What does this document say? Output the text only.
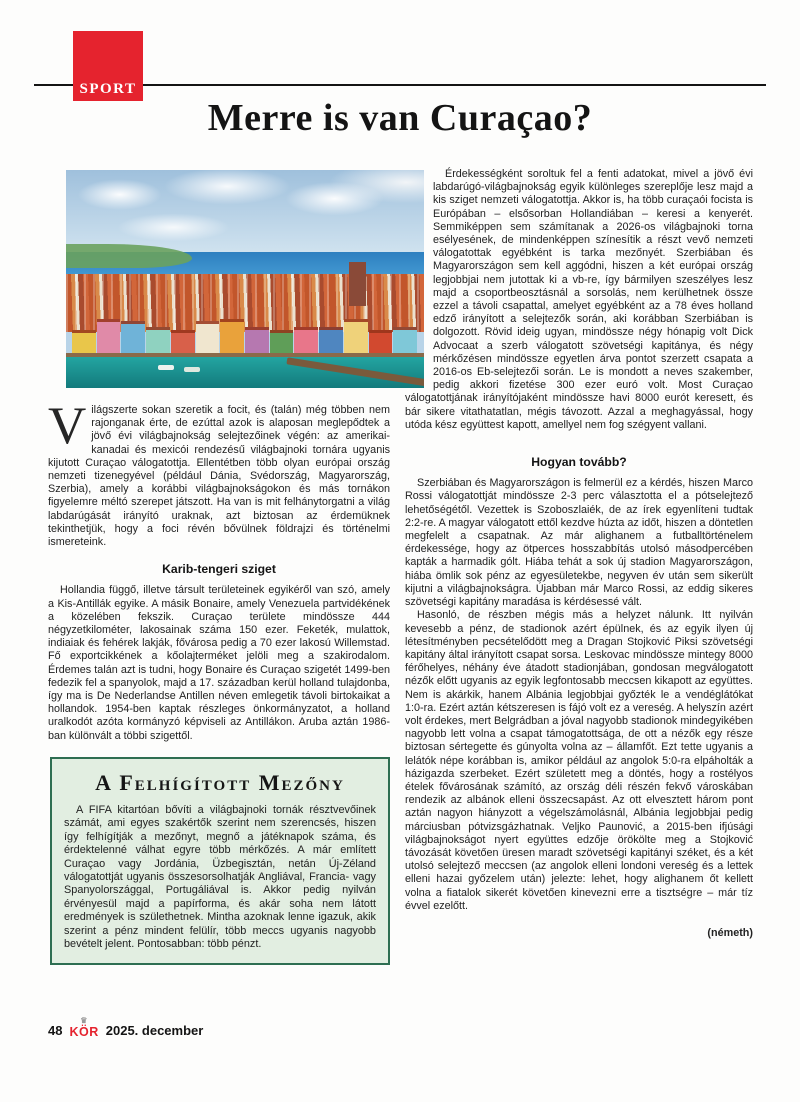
SPORT
Merre is van Curaçao?

Világszerte sokan szeretik a focit, és (talán) még többen nem rajonganak érte, de ezúttal azok is alaposan meglepődtek a jövő évi világbajnokság selejtezőinek végén: az amerikai-kanadai és mexicói rendezésű világbajnoki tornára ugyanis kijutott Curaçao válogatottja. Ellentétben több olyan európai ország nemzeti tizenegyével (például Dánia, Svédország, Magyarország, Szerbia), amely a korábbi világbajnokságokon és más tornákon figyelemre méltó szerepet játszott. Ha van is mit felhánytorgatni a világ labdarúgását irányító uraknak, azt biztosan az érdemüknek tekinthetjük, hogy a foci révén bővülnek földrajzi és történelmi ismereteink.

Karib-tengeri sziget

Hollandia függő, illetve társult területeinek egyikéről van szó, amely a Kis-Antillák egyike. A másik Bonaire, amely Venezuela partvidékének a közelében fekszik. Curaçao területe mindössze 444 négyzetkilométer, lakosainak száma 150 ezer. Feketék, mulattok, indiaiak és fehérek lakják, fővárosa pedig a 70 ezer lakosú Willemstad. Fő exportcikkének a kőolajterméket jelöli meg a szakirodalom. Érdemes talán azt is tudni, hogy Bonaire és Curaçao szigetét 1499-ben fedezik fel a spanyolok, majd a 17. században kerül holland tulajdonba, így ma is De Nederlandse Antillen néven emlegetik távoli birtokaikat a hollandok. 1954-ben kaptak részleges önkormányzatot, a holland uralkodót azóta kormányzó képviseli az Antillákon. Aruba aztán 1986-ban különvált a többi szigettől.

A Felhígított Mezőny

A FIFA kitartóan bővíti a világbajnoki tornák résztvevőinek számát, ami egyes szakértők szerint nem szerencsés, hiszen így felhígítják a mezőnyt, megnő a játéknapok száma, és érdektelenné válhat egyre több mérkőzés. A már említett Curaçao vagy Jordánia, Üzbegisztán, netán Új-Zéland válogatottját ugyanis összesorsolhatják Angliával, Francia- vagy Spanyolországgal, Portugáliával is. Akkor pedig nyilván érvényesül majd a papírforma, és akár soha nem látott eredmények is születhetnek. Mintha azoknak lenne igazuk, akik szerint a pénz mindent felülír, több meccs ugyanis nagyobb bevételt jelent. Pontosabban: több pénzt.

Érdekességként soroltuk fel a fenti adatokat, mivel a jövő évi labdarúgó-világbajnokság egyik különleges szereplője lesz majd a kis sziget nemzeti válogatottja. Akkor is, ha több curaçaói focista is Európában – elsősorban Hollandiában – keresi a kenyerét. Semmiképpen sem számítanak a 2026-os világbajnoki torna esélyesének, de mindenképpen színesítik a részt vevő nemzeti válogatottak egyébként is tarka mezőnyét. Szerbiában és Magyarországon sem kell aggódni, hiszen a két európai ország legjobbjai nem jutottak ki a vb-re, így bármilyen szeszélyes lesz majd a csoportbeosztásnál a sorsolás, nem kerülhetnek össze ezzel a távoli csapattal, amelyet egyébként az a 78 éves holland edző irányított a selejtezők során, aki korábban Szerbiában is dolgozott. Rövid ideig ugyan, mindössze négy hónapig volt Dick Advocaat a szerb válogatott szövetségi kapitánya, és négy mérkőzésen mindössze egyetlen árva pontot szerzett csapata a 2016-os Eb-selejtezői során. Le is mondott a neves szakember, pedig akkori fizetése 300 ezer euró volt. Most Curaçao válogatottjának irányítójaként mindössze havi 8000 eurót keresett, és bár sikere vitathatatlan, mégis távozott. Azzal a meghagyással, hogy utóda kész együttest kapott, amellyel nem fog szégyent vallani.

Hogyan tovább?

Szerbiában és Magyarországon is felmerül ez a kérdés, hiszen Marco Rossi válogatottját mindössze 2-3 perc választotta el a pótselejtező lehetőségétől. Vezettek is Szoboszlaiék, de az írek egyenlíteni tudtak 2:2-re. A magyar válogatott ettől kezdve húzta az időt, hiszen a döntetlen megfelelt a csapatnak. Az már alighanem a futballtörténelem érdekessége, hogy az ötperces hosszabbítás utolsó másodpercében kapták a harmadik gólt. Hiába tehát a sok új stadion Magyarországon, hiába ömlik sok pénz az egyesületekbe, negyven év után sem sikerült kijutni a világbajnokságra. Újabban már Marco Rossi, az eddig sikeres szövetségi kapitány maradása is kérdésessé vált.

Hasonló, de részben mégis más a helyzet nálunk. Itt nyilván kevesebb a pénz, de stadionok azért épülnek, és az egyik ilyen új létesítményben pecsételődött meg a Dragan Stojković Piksi szövetségi kapitány által irányított csapat sorsa. Leskovac mindössze mintegy 8000 férőhelyes, néhány éve átadott stadionjában, gondosan megválogatott nézők előtt ugyanis az egyik legfontosabb meccsen kikapott az együttes. Nem is akárkik, hanem Albánia legjobbjai győzték le a vendéglátókat 1:0-ra. Ezért aztán kétszeresen is fájó volt ez a vereség. A helyszín azért volt érdekes, mert Belgrádban a jóval nagyobb stadionok mindegyikében nagyobb lett volna a csapat támogatottsága, de ott a nézők egy része biztosan sértegette és gúnyolta volna az – államfőt. Ezt tette ugyanis a lelátók népe korábban is, amikor például az angolok 5:0-ra elpáholták a házigazda szerbeket. Ezért született meg a döntés, hogy a rostélyos ételek fővárosának számító, az ország déli részén fekvő városkában rendezik az albánok elleni összecsapást. Az ott elvesztett három pont aztán nagyon hiányzott a végelszámolásnál, Albánia legjobbjai pedig márciusban pótvizsgázhatnak. Veljko Paunović, a 2015-ben ifjúsági világbajnokságot nyert együttes edzője örökölte meg a Stojković távozását követően üresen maradt szövetségi kapitányi széket, és a két utolsó selejtező meccsen (az angolok elleni londoni vereség és a lettek elleni hazai győzelem után) jelezte: lehet, hogy alighanem őt kellett volna a fiatalok sikerét követően kinevezni erre a tisztségre – már tíz évvel ezelőtt.

(németh)

48
♛
KÖR 2025. december
